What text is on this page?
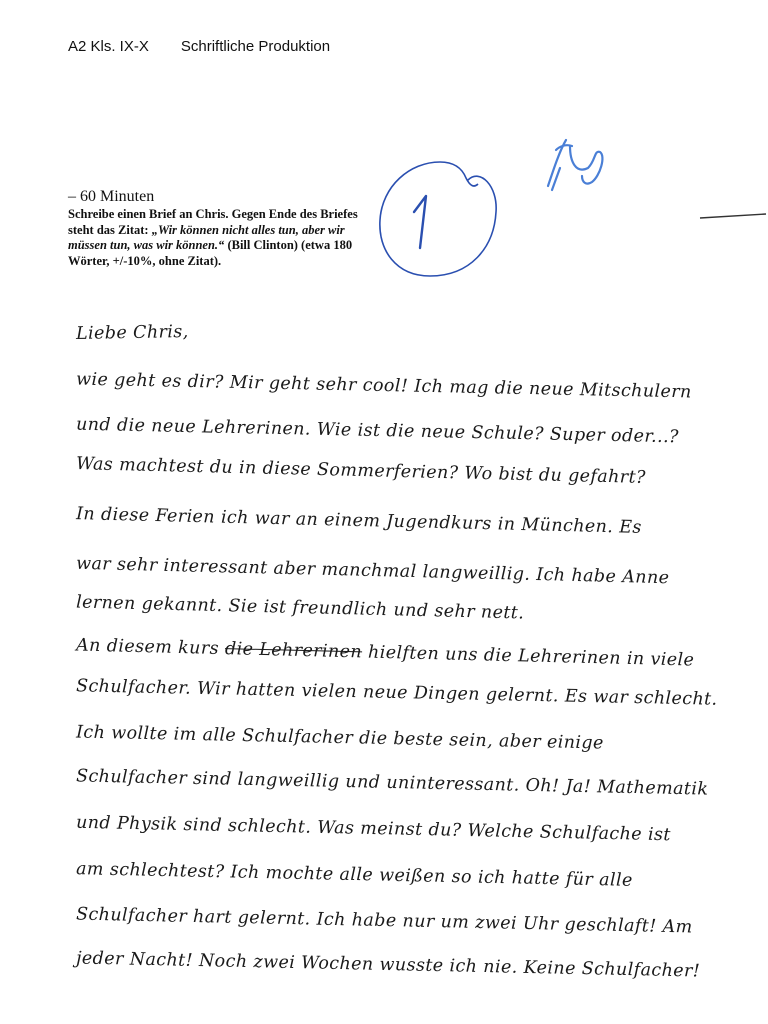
A2 Kls. IX-X Schriftliche Produktion
– 60 Minuten
Schreibe einen Brief an Chris. Gegen Ende des Briefes steht das Zitat: „Wir können nicht alles tun, aber wir müssen tun, was wir können.“ (Bill Clinton) (etwa 180 Wörter, +/-10%, ohne Zitat).
Liebe Chris,
wie geht es dir? Mir geht sehr cool! Ich mag die neue Mitschulern
und die neue Lehrerinen. Wie ist die neue Schule? Super oder...?
Was machtest du in diese Sommerferien? Wo bist du gefahrt?
In diese Ferien ich war an einem Jugendkurs in München. Es
war sehr interessant aber manchmal langweillig. Ich habe Anne
lernen gekannt. Sie ist freundlich und sehr nett.
An diesem kurs die Lehrerinen hielften uns die Lehrerinen in viele
Schulfacher. Wir hatten vielen neue Dingen gelernt. Es war schlecht.
Ich wollte im alle Schulfacher die beste sein, aber einige
Schulfacher sind langweillig und uninteressant. Oh! Ja! Mathematik
und Physik sind schlecht. Was meinst du? Welche Schulfache ist
am schlechtest? Ich mochte alle weißen so ich hatte für alle
Schulfacher hart gelernt. Ich habe nur um zwei Uhr geschlaft! Am
jeder Nacht! Noch zwei Wochen wusste ich nie. Keine Schulfacher!
